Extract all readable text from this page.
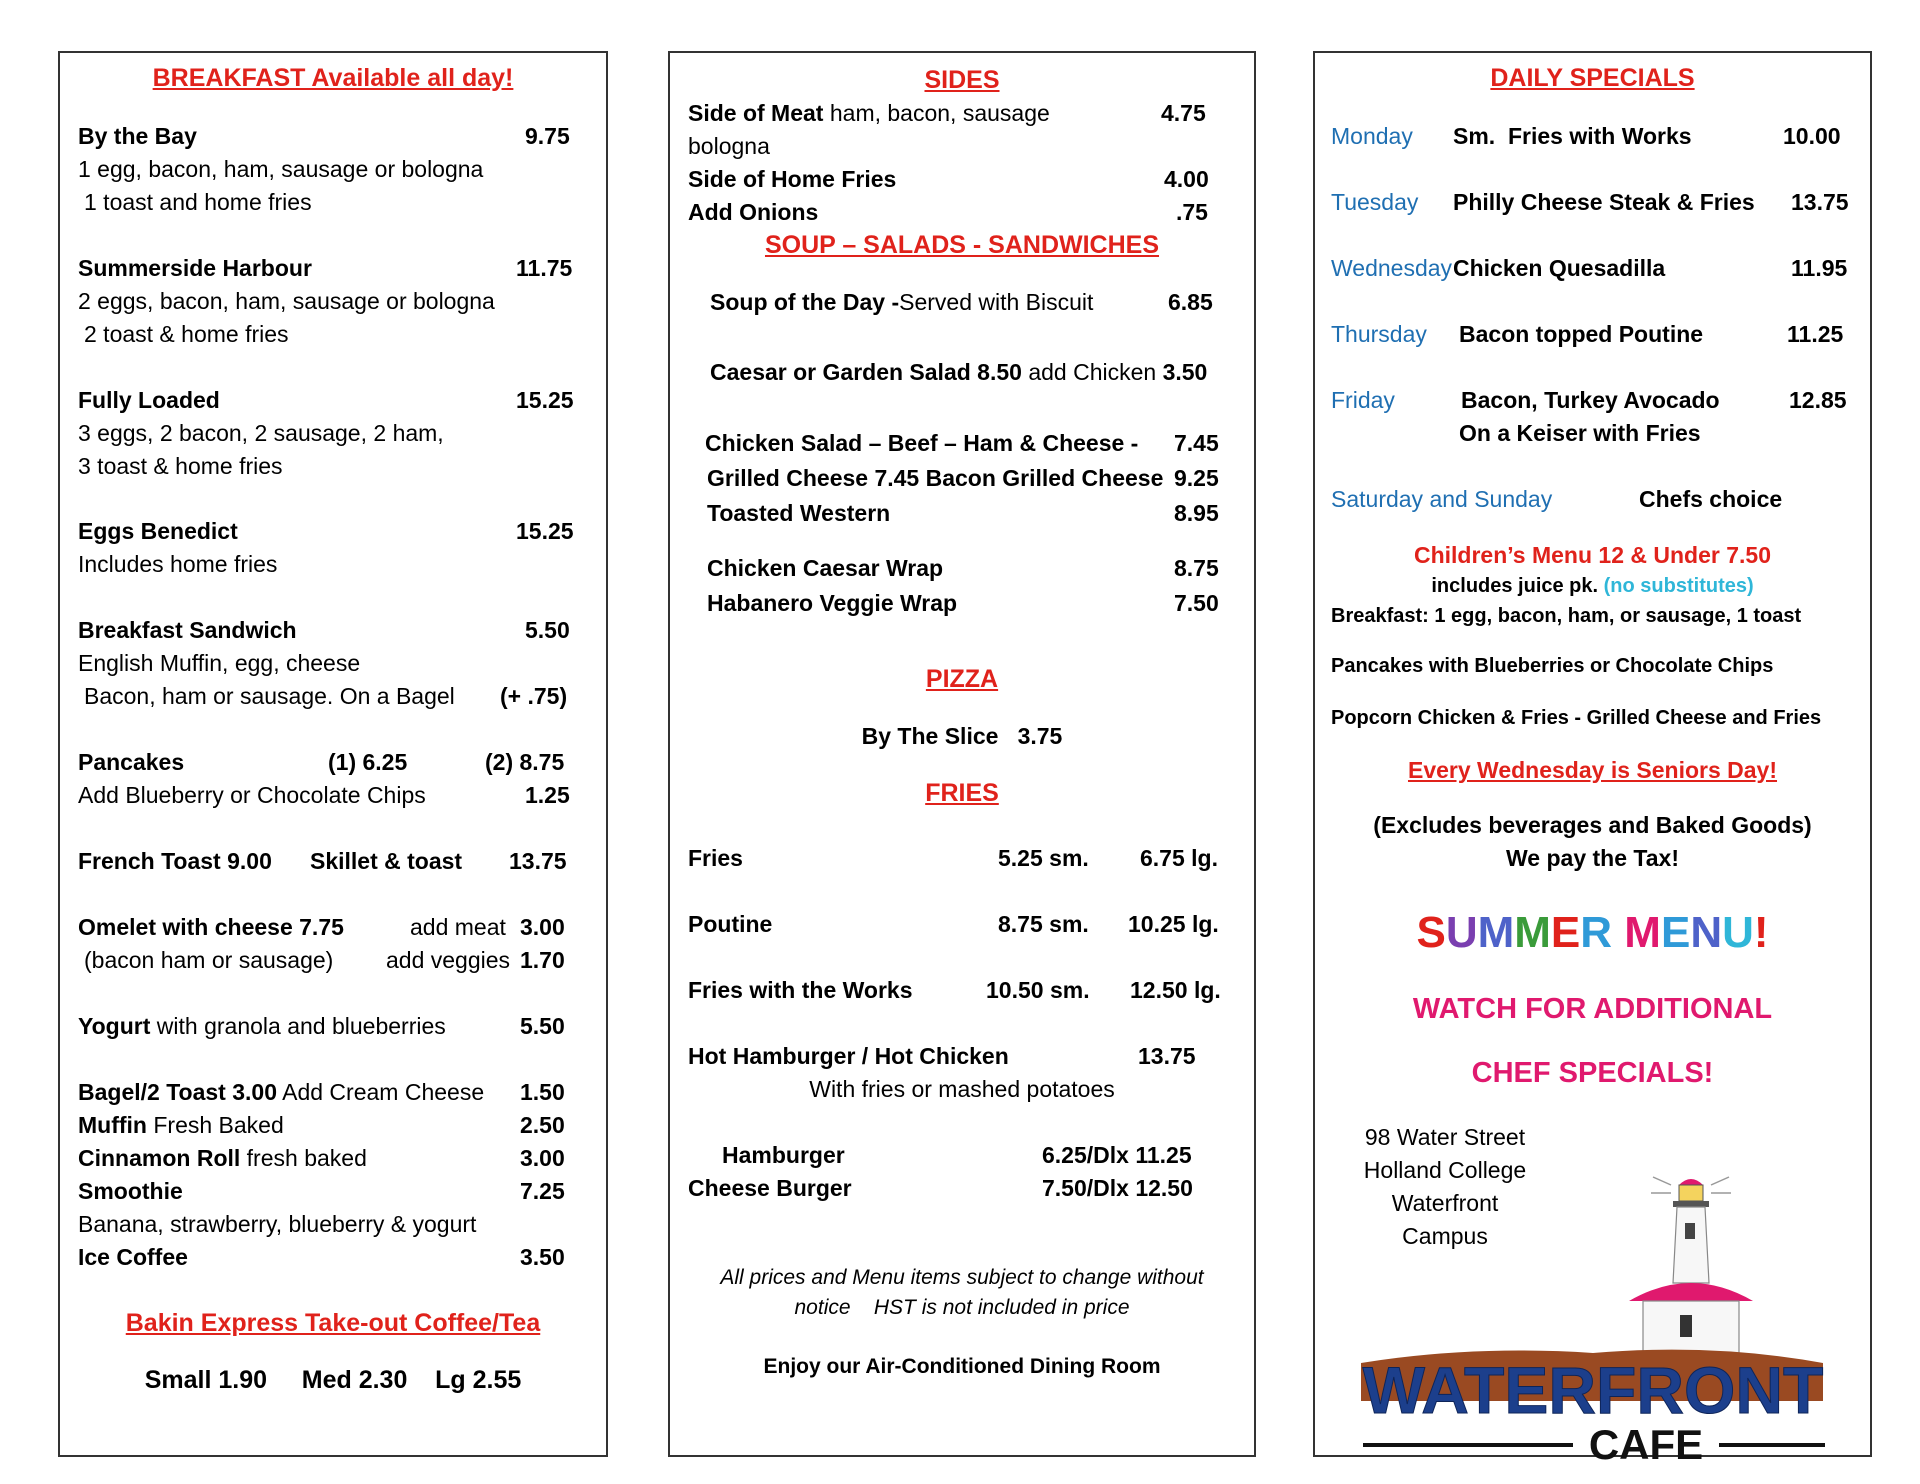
BREAKFAST Available all day!
By the Bay	9.75
1 egg, bacon, ham, sausage or bologna
1 toast and home fries
Summerside Harbour	11.75
2 eggs, bacon, ham, sausage or bologna
2 toast & home fries
Fully Loaded	15.25
3 eggs, 2 bacon, 2 sausage, 2 ham,
3 toast & home fries
Eggs Benedict	15.25
Includes home fries
Breakfast Sandwich	5.50
English Muffin, egg, cheese
Bacon, ham or sausage. On a Bagel (+ .75)
Pancakes	(1) 6.25	(2) 8.75
Add Blueberry or Chocolate Chips	1.25
French Toast 9.00 Skillet & toast 13.75
Omelet with cheese 7.75	add meat 3.00
(bacon ham or sausage) add veggies 1.70
Yogurt with granola and blueberries	5.50
Bagel/2 Toast 3.00 Add Cream Cheese 1.50
Muffin Fresh Baked	2.50
Cinnamon Roll fresh baked	3.00
Smoothie	7.25
Banana, strawberry, blueberry & yogurt
Ice Coffee	3.50
Bakin Express Take-out Coffee/Tea
Small 1.90     Med 2.30    Lg 2.55
SIDES
Side of Meat ham, bacon, sausage	4.75
bologna
Side of Home Fries	4.00
Add Onions	.75
SOUP – SALADS - SANDWICHES
Soup of the Day -Served with Biscuit	6.85
Caesar or Garden Salad 8.50 add Chicken 3.50
Chicken Salad – Beef – Ham & Cheese - 7.45
Grilled Cheese 7.45 Bacon Grilled Cheese 9.25
Toasted Western	8.95
Chicken Caesar Wrap	8.75
Habanero Veggie Wrap	7.50
PIZZA
By The Slice   3.75
FRIES
Fries	5.25 sm. 6.75 lg.
Poutine	8.75 sm. 10.25 lg.
Fries with the Works	10.50 sm. 12.50 lg.
Hot Hamburger / Hot Chicken	13.75
With fries or mashed potatoes
Hamburger	6.25/Dlx 11.25
Cheese Burger	7.50/Dlx 12.50
All prices and Menu items subject to change without
notice    HST is not included in price
Enjoy our Air-Conditioned Dining Room
DAILY SPECIALS
Monday Sm.  Fries with Works	10.00
Tuesday Philly Cheese Steak & Fries 13.75
Wednesday Chicken Quesadilla	11.95
Thursday Bacon topped Poutine	11.25
Friday	Bacon, Turkey Avocado	12.85
On a Keiser with Fries
Saturday and Sunday	Chefs choice
Children’s Menu 12 & Under 7.50
includes juice pk. (no substitutes)
Breakfast: 1 egg, bacon, ham, or sausage, 1 toast
Pancakes with Blueberries or Chocolate Chips
Popcorn Chicken & Fries - Grilled Cheese and Fries
Every Wednesday is Seniors Day!
(Excludes beverages and Baked Goods)
We pay the Tax!
SUMMER MENU!
WATCH FOR ADDITIONAL
CHEF SPECIALS!
98 Water Street
Holland College
Waterfront
Campus
WATERFRONT
CAFE
